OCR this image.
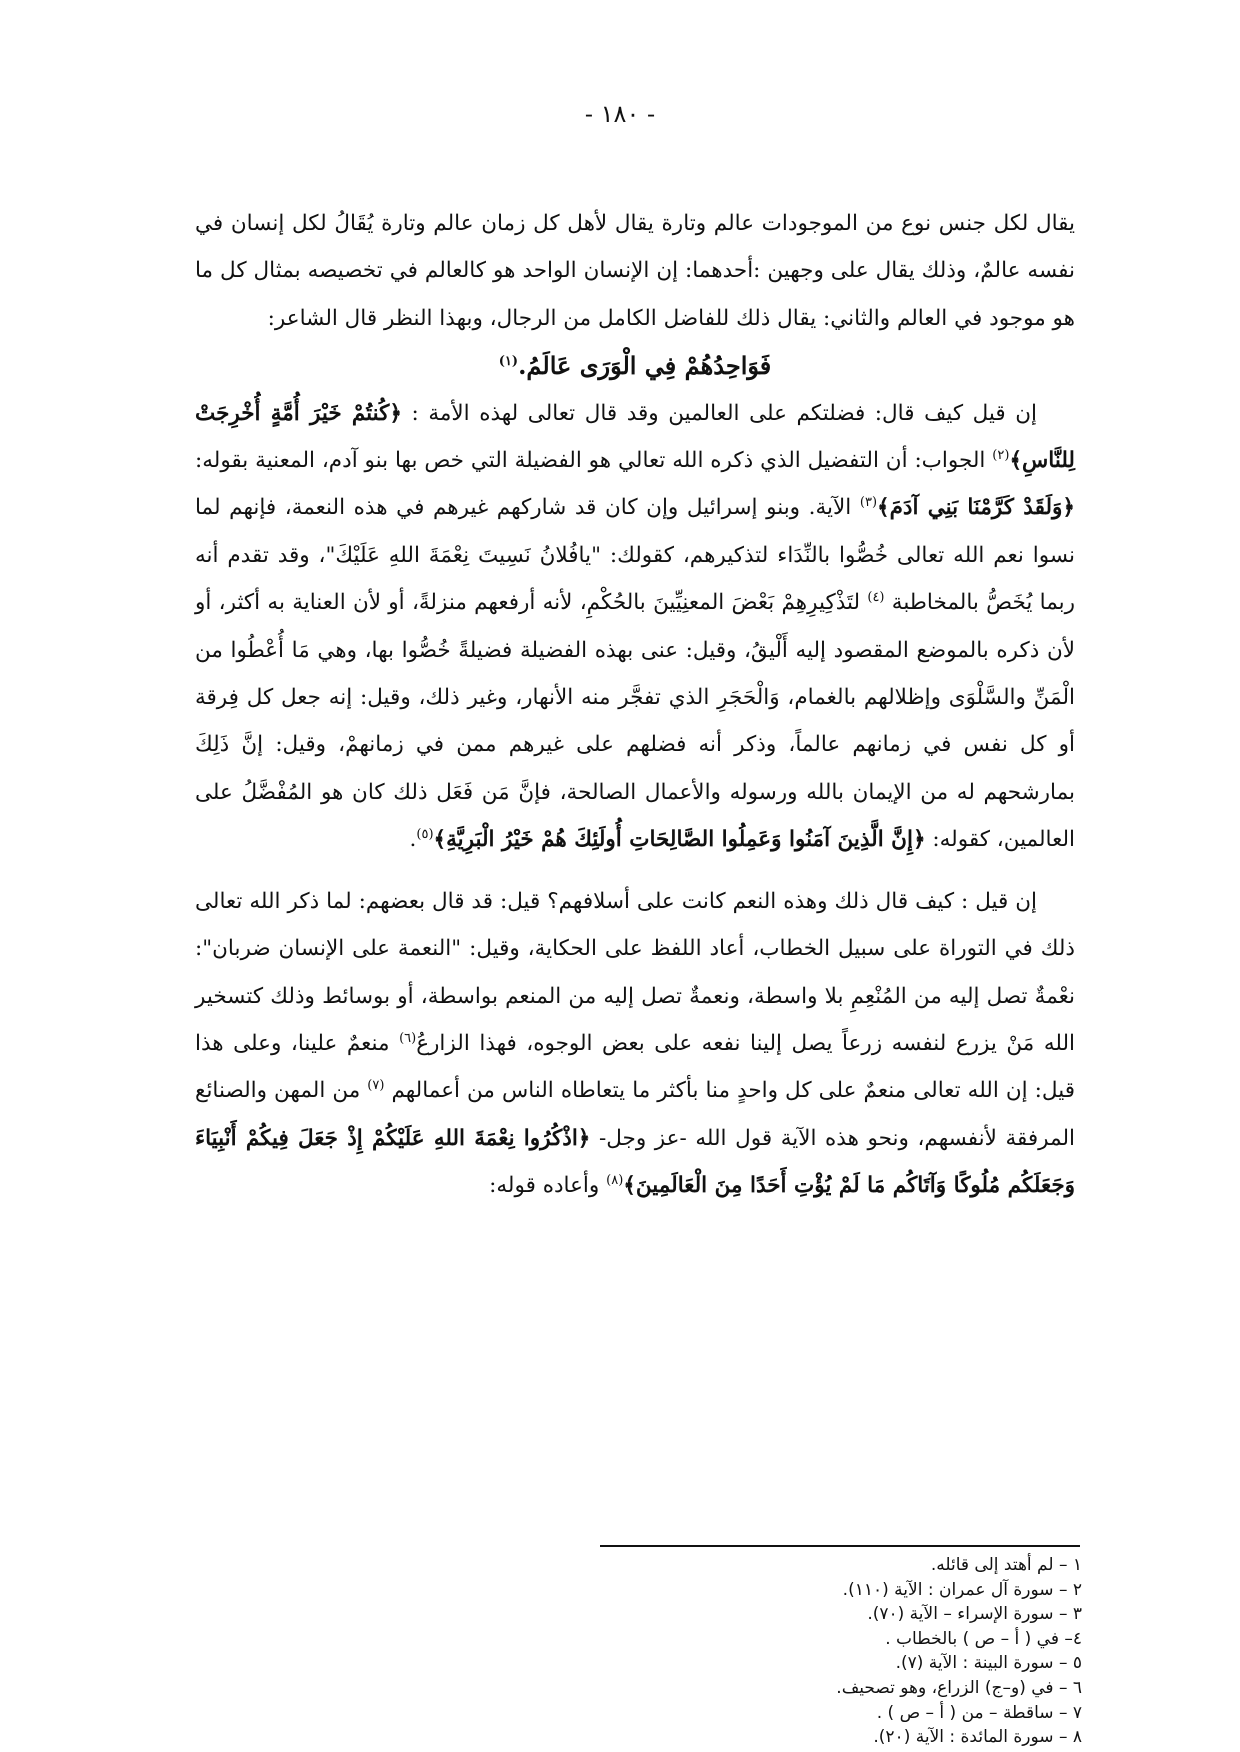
- ١٨٠ -

يقال لكل جنس نوع من الموجودات عالم وتارة يقال لأهل كل زمان عالم وتارة يُقَالُ لكل إنسان في نفسه عالمٌ، وذلك يقال على وجهين :أحدهما: إن الإنسان الواحد هو كالعالم في تخصيصه بمثال كل ما هو موجود في العالم والثاني: يقال ذلك للفاضل الكامل من الرجال، وبهذا النظر قال الشاعر:

فَوَاحِدُهُمْ فِي الْوَرَى عَالَمُ.$^{(١)}$

إن قيل كيف قال: فضلتكم على العالمين وقد قال تعالى لهذه الأمة : ﴿كُنتُمْ خَيْرَ أُمَّةٍ أُخْرِجَتْ لِلنَّاسِ﴾$^{(٢)}$ الجواب: أن التفضيل الذي ذكره الله تعالي هو الفضيلة التي خص بها بنو آدم، المعنية بقوله: ﴿وَلَقَدْ كَرَّمْنَا بَنِي آدَمَ﴾$^{(٣)}$ الآية. وبنو إسرائيل وإن كان قد شاركهم غيرهم في هذه النعمة، فإنهم لما نسوا نعم الله تعالى خُصُّوا بالنِّدَاء لتذكيرهم، كقولك: "يافُلانُ نَسِيتَ نِعْمَةَ اللهِ عَلَيْكَ"، وقد تقدم أنه ربما يُخَصُّ بالمخاطبة $^{(٤)}$ لتَذْكِيرِهِمْ بَعْضَ المعنِيِّينَ بالحُكْمِ، لأنه أرفعهم منزلةً، أو لأن العناية به أكثر، أو لأن ذكره بالموضع المقصود إليه أَلْيقُ، وقيل: عنى بهذه الفضيلة فضيلةً خُصُّوا بها، وهي مَا أُعْطُوا من الْمَنِّ والسَّلْوَى وإظلالهم بالغمام، وَالْحَجَرِ الذي تفجَّر منه الأنهار، وغير ذلك، وقيل: إنه جعل كل فِرقة أو كل نفس في زمانهم عالماً، وذكر أنه فضلهم على غيرهم ممن في زمانهمْ، وقيل: إنَّ ذَلِكَ بمارشحهم له من الإيمان بالله ورسوله والأعمال الصالحة، فإنَّ مَن فَعَل ذلك كان هو المُفْضَّلُ على العالمين، كقوله: ﴿إِنَّ الَّذِينَ آمَنُوا وَعَمِلُوا الصَّالِحَاتِ أُولَئِكَ هُمْ خَيْرُ الْبَرِيَّةِ﴾$^{(٥)}$.

إن قيل : كيف قال ذلك وهذه النعم كانت على أسلافهم؟ قيل: قد قال بعضهم: لما ذكر الله تعالى ذلك في التوراة على سبيل الخطاب، أعاد اللفظ على الحكاية، وقيل: "النعمة على الإنسان ضربان": نعْمةٌ تصل إليه من المُنْعِمِ بلا واسطة، ونعمةٌ تصل إليه من المنعم بواسطة، أو بوسائط وذلك كتسخير الله مَنْ يزرع لنفسه زرعاً يصل إلينا نفعه على بعض الوجوه، فهذا الزارعُ$^{(٦)}$ منعمٌ علينا، وعلى هذا قيل: إن الله تعالى منعمٌ على كل واحدٍ منا بأكثر ما يتعاطاه الناس من أعمالهم $^{(٧)}$ من المهن والصنائع المرفقة لأنفسهم، ونحو هذه الآية قول الله -عز وجل- ﴿اذْكُرُوا نِعْمَةَ اللهِ عَلَيْكُمْ إِذْ جَعَلَ فِيكُمْ أَنْبِيَاءَ وَجَعَلَكُم مُلُوكًا وَآتَاكُم مَا لَمْ يُؤْتِ أَحَدًا مِنَ الْعَالَمِينَ﴾$^{(٨)}$ وأعاده قوله:

١ – لم أهتد إلى قائله.
٢ – سورة آل عمران : الآية (١١٠).
٣ – سورة الإسراء – الآية (٧٠).
٤– في ( أ – ص ) بالخطاب .
٥ – سورة البينة : الآية (٧).
٦ – في (و–ج) الزراع، وهو تصحيف.
٧ – ساقطة – من ( أ – ص ) .
٨ – سورة المائدة : الآية (٢٠).
